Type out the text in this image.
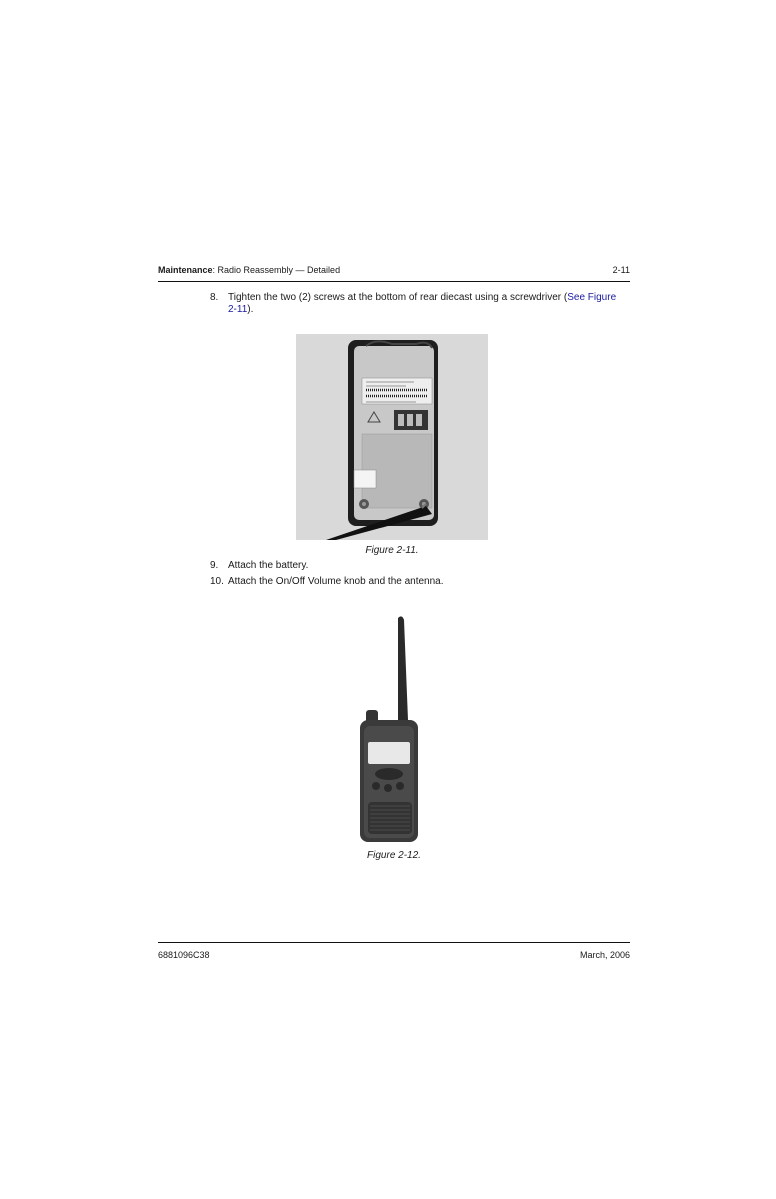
Maintenance: Radio Reassembly — Detailed	2-11
8. Tighten the two (2) screws at the bottom of rear diecast using a screwdriver (See Figure
2-11).
Figure 2-11.
9. Attach the battery.
10. Attach the On/Off Volume knob and the antenna.
Figure 2-12.
6881096C38	March, 2006
